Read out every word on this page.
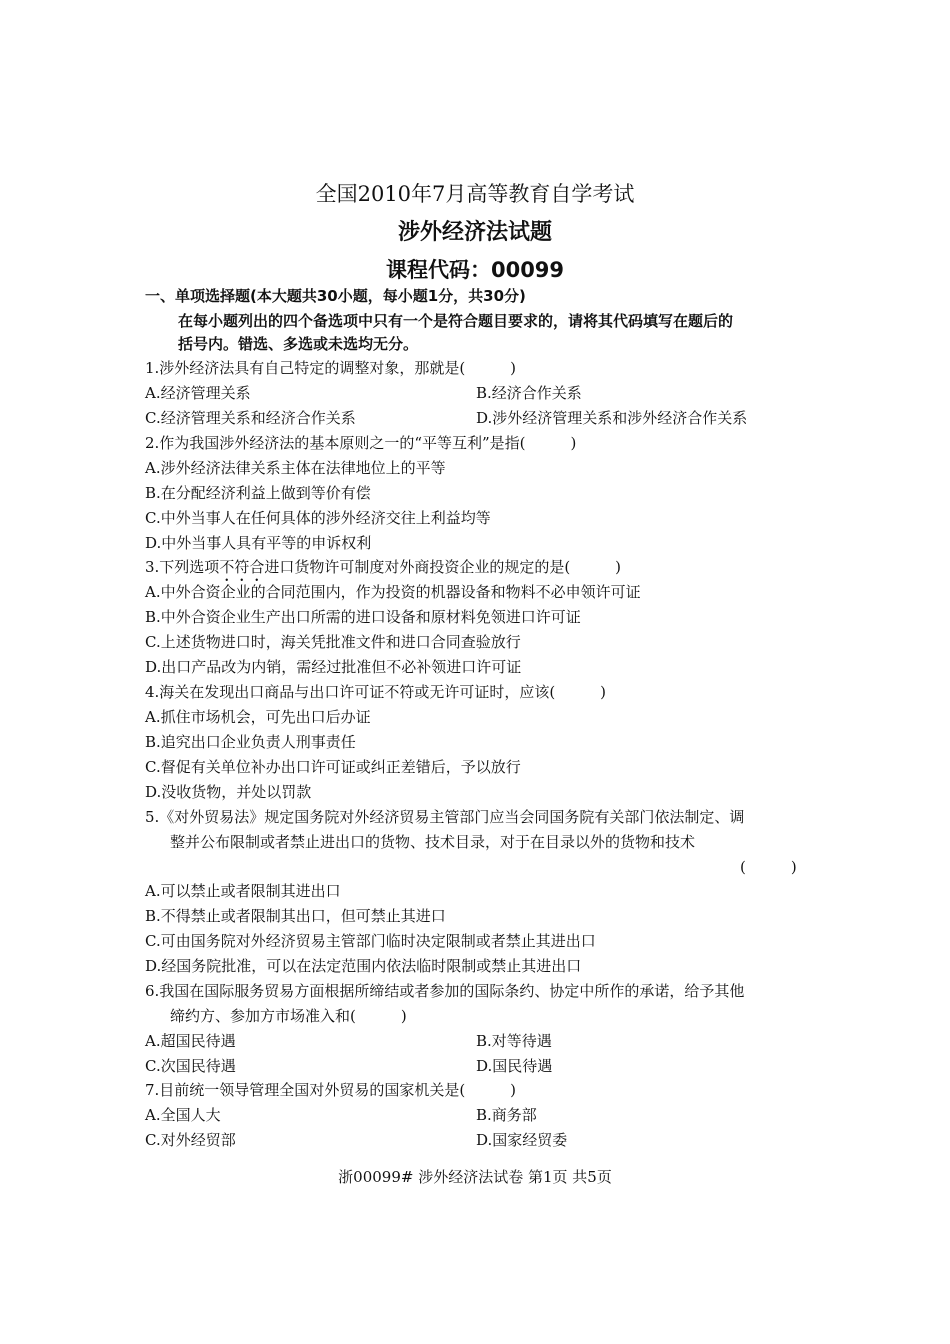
全国2010年7月高等教育自学考试
涉外经济法试题
课程代码：00099
一、单项选择题(本大题共30小题，每小题1分，共30分)
在每小题列出的四个备选项中只有一个是符合题目要求的，请将其代码填写在题后的
括号内。错选、多选或未选均无分。
1.涉外经济法具有自己特定的调整对象，那就是(　　　)
A.经济管理关系	B.经济合作关系
C.经济管理关系和经济合作关系	D.涉外经济管理关系和涉外经济合作关系
2.作为我国涉外经济法的基本原则之一的“平等互利”是指(　　　)
A.涉外经济法律关系主体在法律地位上的平等
B.在分配经济利益上做到等价有偿
C.中外当事人在任何具体的涉外经济交往上利益均等
D.中外当事人具有平等的申诉权利
3.下列选项不符合进口货物许可制度对外商投资企业的规定的是(　　　)
A.中外合资企业的合同范围内，作为投资的机器设备和物料不必申领许可证
B.中外合资企业生产出口所需的进口设备和原材料免领进口许可证
C.上述货物进口时，海关凭批准文件和进口合同查验放行
D.出口产品改为内销，需经过批准但不必补领进口许可证
4.海关在发现出口商品与出口许可证不符或无许可证时，应该(　　　)
A.抓住市场机会，可先出口后办证
B.追究出口企业负责人刑事责任
C.督促有关单位补办出口许可证或纠正差错后，予以放行
D.没收货物，并处以罚款
5.《对外贸易法》规定国务院对外经济贸易主管部门应当会同国务院有关部门依法制定、调
整并公布限制或者禁止进出口的货物、技术目录，对于在目录以外的货物和技术
(　　　)
A.可以禁止或者限制其进出口
B.不得禁止或者限制其出口，但可禁止其进口
C.可由国务院对外经济贸易主管部门临时决定限制或者禁止其进出口
D.经国务院批准，可以在法定范围内依法临时限制或禁止其进出口
6.我国在国际服务贸易方面根据所缔结或者参加的国际条约、协定中所作的承诺，给予其他
缔约方、参加方市场准入和(　　　)
A.超国民待遇	B.对等待遇
C.次国民待遇	D.国民待遇
7.目前统一领导管理全国对外贸易的国家机关是(　　　)
A.全国人大	B.商务部
C.对外经贸部	D.国家经贸委
浙00099# 涉外经济法试卷 第1页 共5页
